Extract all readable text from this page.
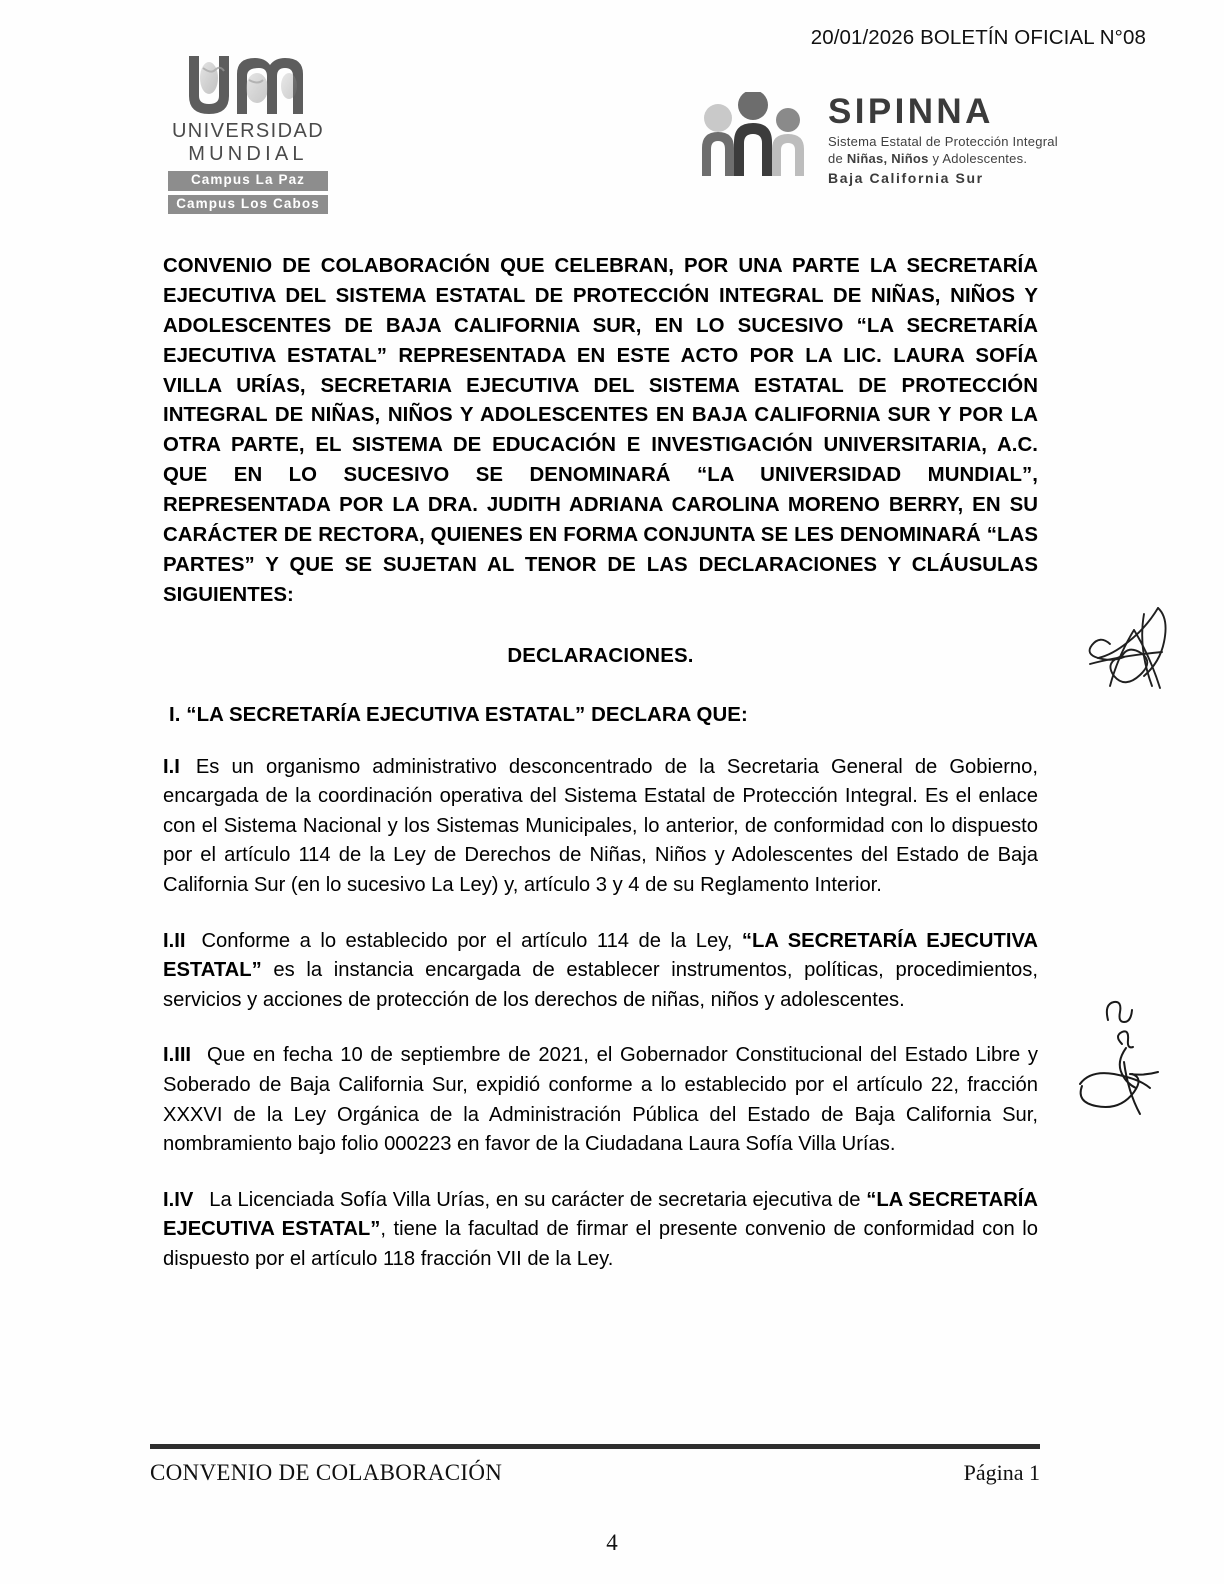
20/01/2026 BOLETÍN OFICIAL N°08
UNIVERSIDAD
MUNDIAL
Campus La Paz
Campus Los Cabos
SIPINNA
Sistema Estatal de Protección Integral
de Niñas, Niños y Adolescentes.
Baja California Sur
CONVENIO DE COLABORACIÓN QUE CELEBRAN, POR UNA PARTE LA SECRETARÍA EJECUTIVA DEL SISTEMA ESTATAL DE PROTECCIÓN INTEGRAL DE NIÑAS, NIÑOS Y ADOLESCENTES DE BAJA CALIFORNIA SUR, EN LO SUCESIVO “LA SECRETARÍA EJECUTIVA ESTATAL” REPRESENTADA EN ESTE ACTO POR LA LIC. LAURA SOFÍA VILLA URÍAS, SECRETARIA EJECUTIVA DEL SISTEMA ESTATAL DE PROTECCIÓN INTEGRAL DE NIÑAS, NIÑOS Y ADOLESCENTES EN BAJA CALIFORNIA SUR Y POR LA OTRA PARTE, EL SISTEMA DE EDUCACIÓN E INVESTIGACIÓN UNIVERSITARIA, A.C. QUE EN LO SUCESIVO SE DENOMINARÁ “LA UNIVERSIDAD MUNDIAL”, REPRESENTADA POR LA DRA. JUDITH ADRIANA CAROLINA MORENO BERRY, EN SU CARÁCTER DE RECTORA, QUIENES EN FORMA CONJUNTA SE LES DENOMINARÁ “LAS PARTES” Y QUE SE SUJETAN AL TENOR DE LAS DECLARACIONES Y CLÁUSULAS SIGUIENTES:
DECLARACIONES.
I. “LA SECRETARÍA EJECUTIVA ESTATAL” DECLARA QUE:
I.I Es un organismo administrativo desconcentrado de la Secretaria General de Gobierno, encargada de la coordinación operativa del Sistema Estatal de Protección Integral. Es el enlace con el Sistema Nacional y los Sistemas Municipales, lo anterior, de conformidad con lo dispuesto por el artículo 114 de la Ley de Derechos de Niñas, Niños y Adolescentes del Estado de Baja California Sur (en lo sucesivo La Ley) y, artículo 3 y 4 de su Reglamento Interior.
I.II Conforme a lo establecido por el artículo 114 de la Ley, “LA SECRETARÍA EJECUTIVA ESTATAL” es la instancia encargada de establecer instrumentos, políticas, procedimientos, servicios y acciones de protección de los derechos de niñas, niños y adolescentes.
I.III Que en fecha 10 de septiembre de 2021, el Gobernador Constitucional del Estado Libre y Soberado de Baja California Sur, expidió conforme a lo establecido por el artículo 22, fracción XXXVI de la Ley Orgánica de la Administración Pública del Estado de Baja California Sur, nombramiento bajo folio 000223 en favor de la Ciudadana Laura Sofía Villa Urías.
I.IV La Licenciada Sofía Villa Urías, en su carácter de secretaria ejecutiva de “LA SECRETARÍA EJECUTIVA ESTATAL”, tiene la facultad de firmar el presente convenio de conformidad con lo dispuesto por el artículo 118 fracción VII de la Ley.
CONVENIO DE COLABORACIÓN	Página 1
4
